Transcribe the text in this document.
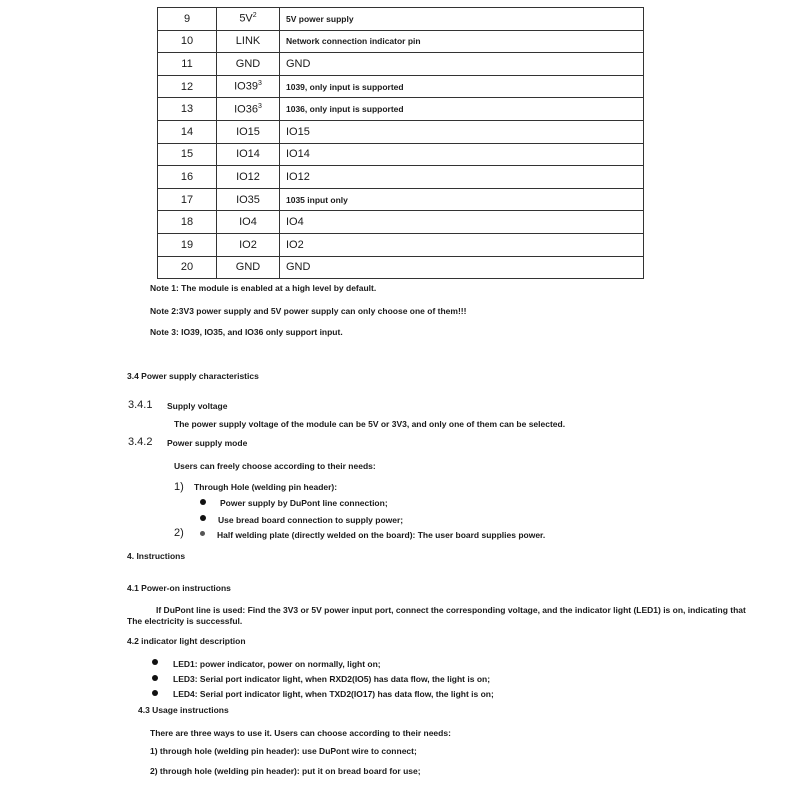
9	$5V^2$	5V power supply
10	LINK	Network connection indicator pin
11	GND	GND
12	$IO39^3$	1039, only input is supported
13	$IO36^3$	1036, only input is supported
14	IO15	IO15
15	IO14	IO14
16	IO12	IO12
17	IO35	1035 input only
18	IO4	IO4
19	IO2	IO2
20	GND	GND
Note 1: The module is enabled at a high level by default.
Note 2:3V3 power supply and 5V power supply can only choose one of them!!!
Note 3: IO39, IO35, and IO36 only support input.
3.4 Power supply characteristics
3.4.1 Supply voltage
The power supply voltage of the module can be 5V or 3V3, and only one of them can be selected.
3.4.2 Power supply mode
Users can freely choose according to their needs:
1) Through Hole (welding pin header):
Power supply by DuPont line connection;
Use bread board connection to supply power;
2)	Half welding plate (directly welded on the board): The user board supplies power.
4. Instructions
4.1 Power-on instructions
If DuPont line is used: Find the 3V3 or 5V power input port, connect the corresponding voltage, and the indicator light (LED1) is on, indicating that
The electricity is successful.
4.2 indicator light description
LED1: power indicator, power on normally, light on;
LED3: Serial port indicator light, when RXD2(IO5) has data flow, the light is on;
LED4: Serial port indicator light, when TXD2(IO17) has data flow, the light is on;
4.3 Usage instructions
There are three ways to use it. Users can choose according to their needs:
1) through hole (welding pin header): use DuPont wire to connect;
2) through hole (welding pin header): put it on bread board for use;
